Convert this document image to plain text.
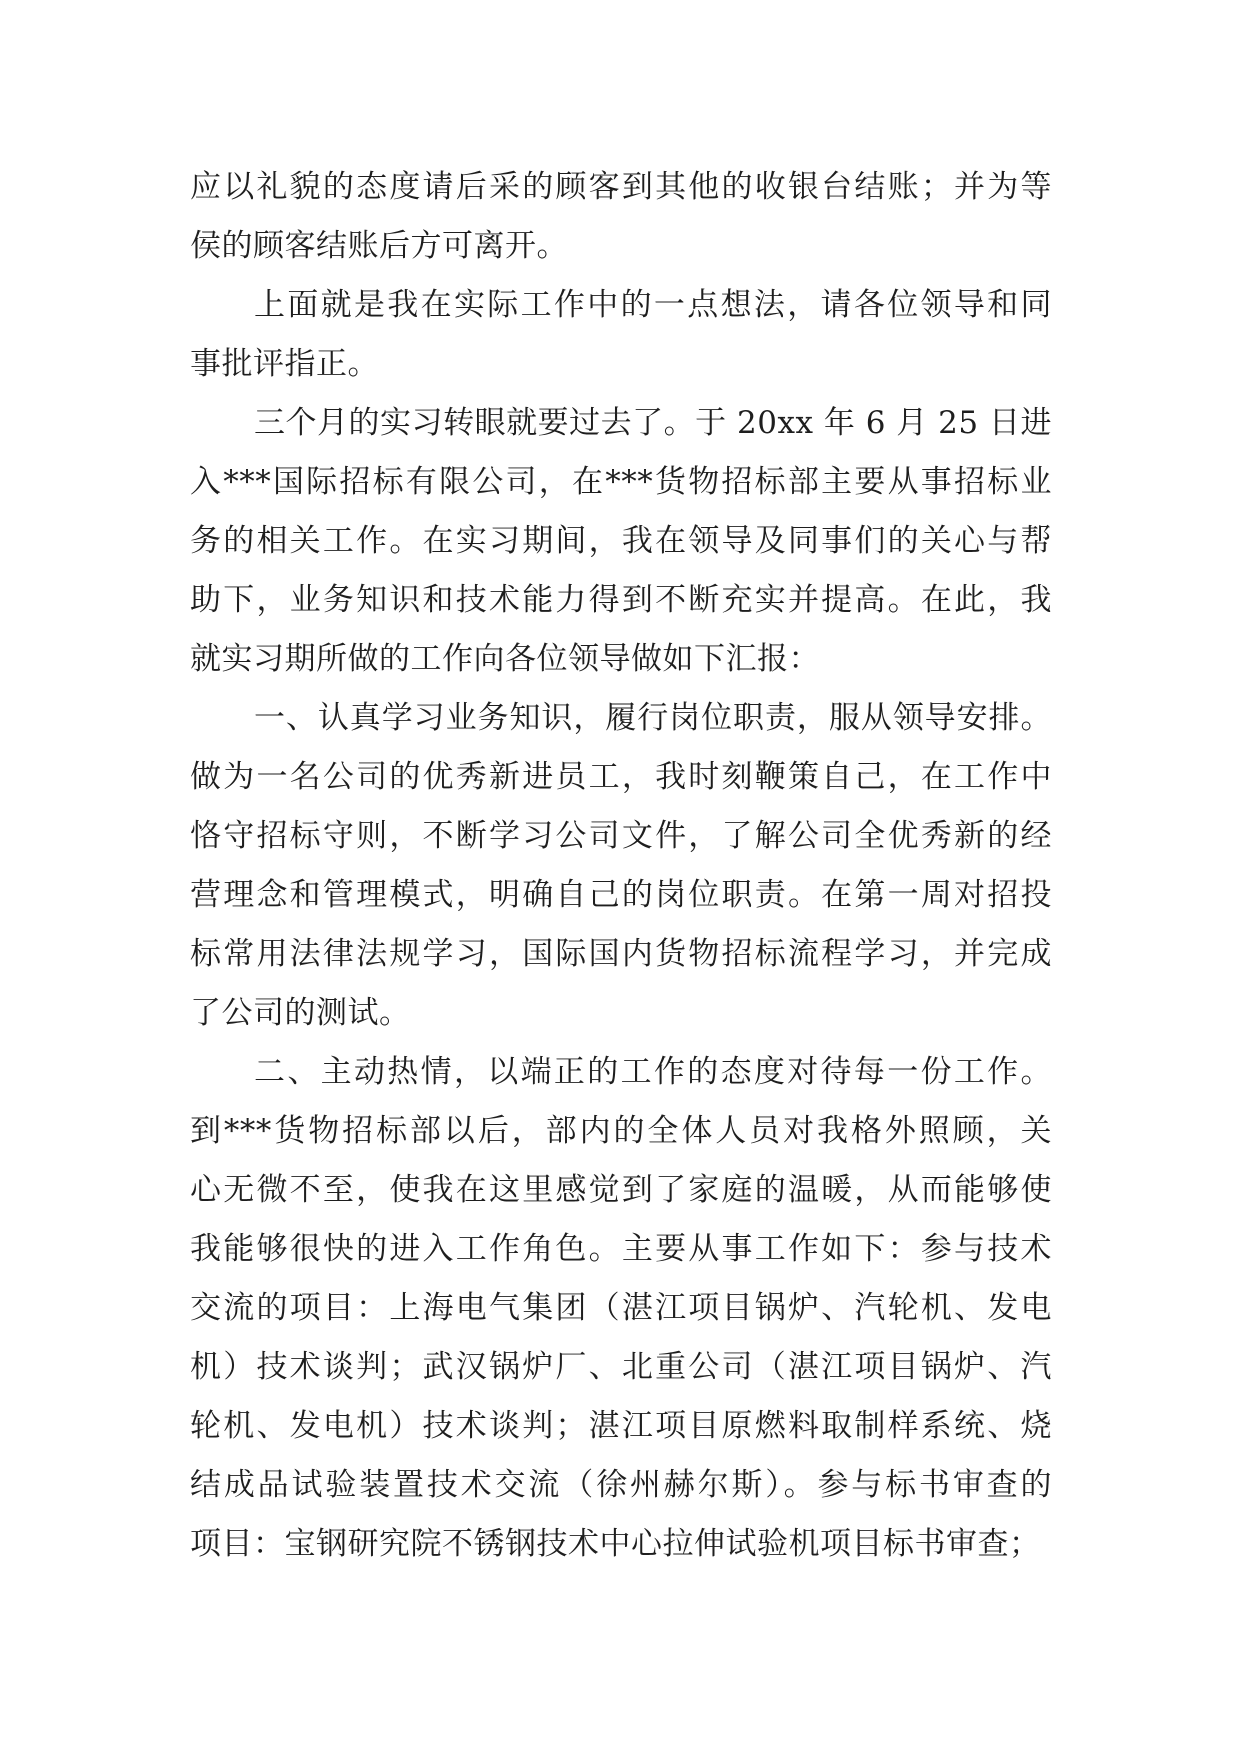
应以礼貌的态度请后采的顾客到其他的收银台结账；并为等
侯的顾客结账后方可离开。
上面就是我在实际工作中的一点想法，请各位领导和同
事批评指正。
三个月的实习转眼就要过去了。于 20xx 年 6 月 25 日进
入***国际招标有限公司，在***货物招标部主要从事招标业
务的相关工作。在实习期间，我在领导及同事们的关心与帮
助下，业务知识和技术能力得到不断充实并提高。在此，我
就实习期所做的工作向各位领导做如下汇报：
一、认真学习业务知识，履行岗位职责，服从领导安排。
做为一名公司的优秀新进员工，我时刻鞭策自己，在工作中
恪守招标守则，不断学习公司文件，了解公司全优秀新的经
营理念和管理模式，明确自己的岗位职责。在第一周对招投
标常用法律法规学习，国际国内货物招标流程学习，并完成
了公司的测试。
二、主动热情，以端正的工作的态度对待每一份工作。
到***货物招标部以后，部内的全体人员对我格外照顾，关
心无微不至，使我在这里感觉到了家庭的温暖，从而能够使
我能够很快的进入工作角色。主要从事工作如下：参与技术
交流的项目：上海电气集团（湛江项目锅炉、汽轮机、发电
机）技术谈判；武汉锅炉厂、北重公司（湛江项目锅炉、汽
轮机、发电机）技术谈判；湛江项目原燃料取制样系统、烧
结成品试验装置技术交流（徐州赫尔斯）。参与标书审查的
项目：宝钢研究院不锈钢技术中心拉伸试验机项目标书审查；
